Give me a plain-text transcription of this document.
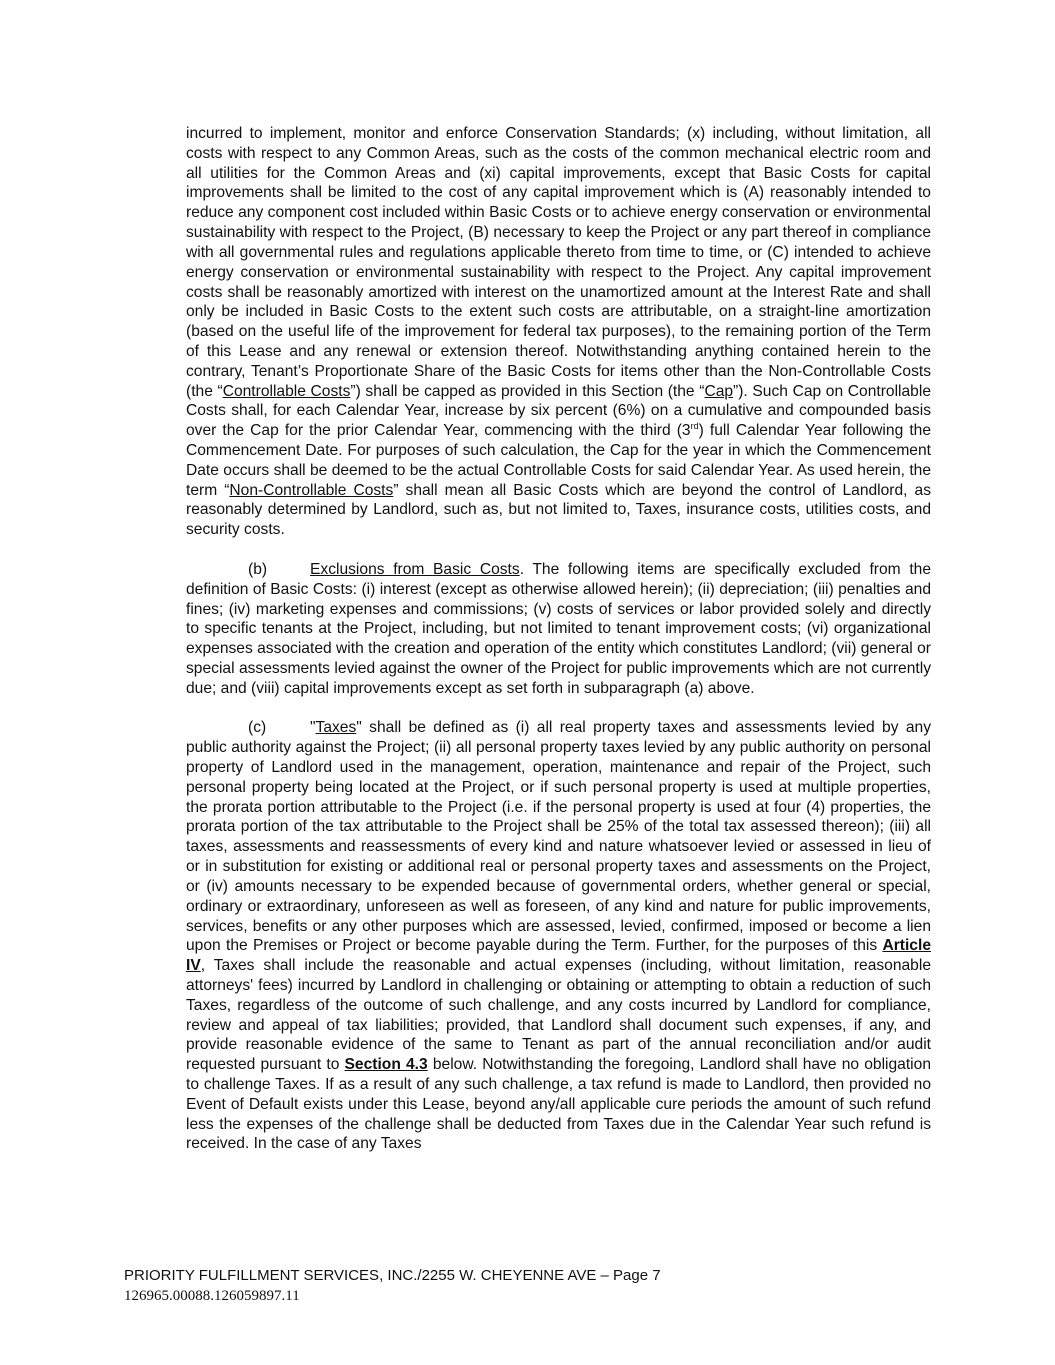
incurred to implement, monitor and enforce Conservation Standards; (x) including, without limitation, all costs with respect to any Common Areas, such as the costs of the common mechanical electric room and all utilities for the Common Areas and (xi) capital improvements, except that Basic Costs for capital improvements shall be limited to the cost of any capital improvement which is (A) reasonably intended to reduce any component cost included within Basic Costs or to achieve energy conservation or environmental sustainability with respect to the Project, (B) necessary to keep the Project or any part thereof in compliance with all governmental rules and regulations applicable thereto from time to time, or (C) intended to achieve energy conservation or environmental sustainability with respect to the Project. Any capital improvement costs shall be reasonably amortized with interest on the unamortized amount at the Interest Rate and shall only be included in Basic Costs to the extent such costs are attributable, on a straight-line amortization (based on the useful life of the improvement for federal tax purposes), to the remaining portion of the Term of this Lease and any renewal or extension thereof. Notwithstanding anything contained herein to the contrary, Tenant’s Proportionate Share of the Basic Costs for items other than the Non-Controllable Costs (the “Controllable Costs”) shall be capped as provided in this Section (the “Cap”). Such Cap on Controllable Costs shall, for each Calendar Year, increase by six percent (6%) on a cumulative and compounded basis over the Cap for the prior Calendar Year, commencing with the third (3rd) full Calendar Year following the Commencement Date. For purposes of such calculation, the Cap for the year in which the Commencement Date occurs shall be deemed to be the actual Controllable Costs for said Calendar Year. As used herein, the term “Non-Controllable Costs” shall mean all Basic Costs which are beyond the control of Landlord, as reasonably determined by Landlord, such as, but not limited to, Taxes, insurance costs, utilities costs, and security costs.

(b)	Exclusions from Basic Costs. The following items are specifically excluded from the definition of Basic Costs: (i) interest (except as otherwise allowed herein); (ii) depreciation; (iii) penalties and fines; (iv) marketing expenses and commissions; (v) costs of services or labor provided solely and directly to specific tenants at the Project, including, but not limited to tenant improvement costs; (vi) organizational expenses associated with the creation and operation of the entity which constitutes Landlord; (vii) general or special assessments levied against the owner of the Project for public improvements which are not currently due; and (viii) capital improvements except as set forth in subparagraph (a) above.

(c)	"Taxes" shall be defined as (i) all real property taxes and assessments levied by any public authority against the Project; (ii) all personal property taxes levied by any public authority on personal property of Landlord used in the management, operation, maintenance and repair of the Project, such personal property being located at the Project, or if such personal property is used at multiple properties, the prorata portion attributable to the Project (i.e. if the personal property is used at four (4) properties, the prorata portion of the tax attributable to the Project shall be 25% of the total tax assessed thereon); (iii) all taxes, assessments and reassessments of every kind and nature whatsoever levied or assessed in lieu of or in substitution for existing or additional real or personal property taxes and assessments on the Project, or (iv) amounts necessary to be expended because of governmental orders, whether general or special, ordinary or extraordinary, unforeseen as well as foreseen, of any kind and nature for public improvements, services, benefits or any other purposes which are assessed, levied, confirmed, imposed or become a lien upon the Premises or Project or become payable during the Term. Further, for the purposes of this Article IV, Taxes shall include the reasonable and actual expenses (including, without limitation, reasonable attorneys' fees) incurred by Landlord in challenging or obtaining or attempting to obtain a reduction of such Taxes, regardless of the outcome of such challenge, and any costs incurred by Landlord for compliance, review and appeal of tax liabilities; provided, that Landlord shall document such expenses, if any, and provide reasonable evidence of the same to Tenant as part of the annual reconciliation and/or audit requested pursuant to Section 4.3 below. Notwithstanding the foregoing, Landlord shall have no obligation to challenge Taxes. If as a result of any such challenge, a tax refund is made to Landlord, then provided no Event of Default exists under this Lease, beyond any/all applicable cure periods the amount of such refund less the expenses of the challenge shall be deducted from Taxes due in the Calendar Year such refund is received. In the case of any Taxes

PRIORITY FULFILLMENT SERVICES, INC./2255 W. CHEYENNE AVE – Page 7
126965.00088.126059897.11
